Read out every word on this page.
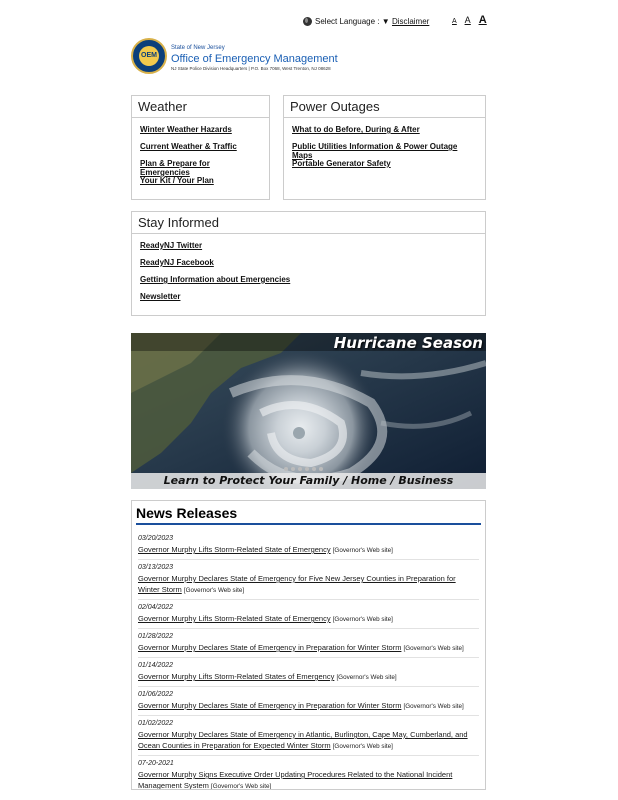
Select Language : ▼ Disclaimer	A A A
OEM
State of New Jersey
Office of Emergency Management
NJ State Police Division Headquarters | P.O. Box 7068, West Trenton, NJ 08628
Weather
Winter Weather Hazards
Current Weather & Traffic
Plan & Prepare for Emergencies
Your Kit / Your Plan
Power Outages
What to do Before, During & After
Public Utilities Information & Power Outage Maps
Portable Generator Safety
Stay Informed
ReadyNJ Twitter
ReadyNJ Facebook
Getting Information about Emergencies
Newsletter
Hurricane Season
Learn to Protect Your Family / Home / Business
News Releases
03/20/2023
Governor Murphy Lifts Storm-Related State of Emergency [Governor's Web site]
03/13/2023
Governor Murphy Declares State of Emergency for Five New Jersey Counties in Preparation for Winter Storm [Governor's Web site]
02/04/2022
Governor Murphy Lifts Storm-Related State of Emergency [Governor's Web site]
01/28/2022
Governor Murphy Declares State of Emergency in Preparation for Winter Storm [Governor's Web site]
01/14/2022
Governor Murphy Lifts Storm-Related States of Emergency [Governor's Web site]
01/06/2022
Governor Murphy Declares State of Emergency in Preparation for Winter Storm [Governor's Web site]
01/02/2022
Governor Murphy Declares State of Emergency in Atlantic, Burlington, Cape May, Cumberland, and Ocean Counties in Preparation for Expected Winter Storm [Governor's Web site]
07-20-2021
Governor Murphy Signs Executive Order Updating Procedures Related to the National Incident Management System [Governor's Web site]
